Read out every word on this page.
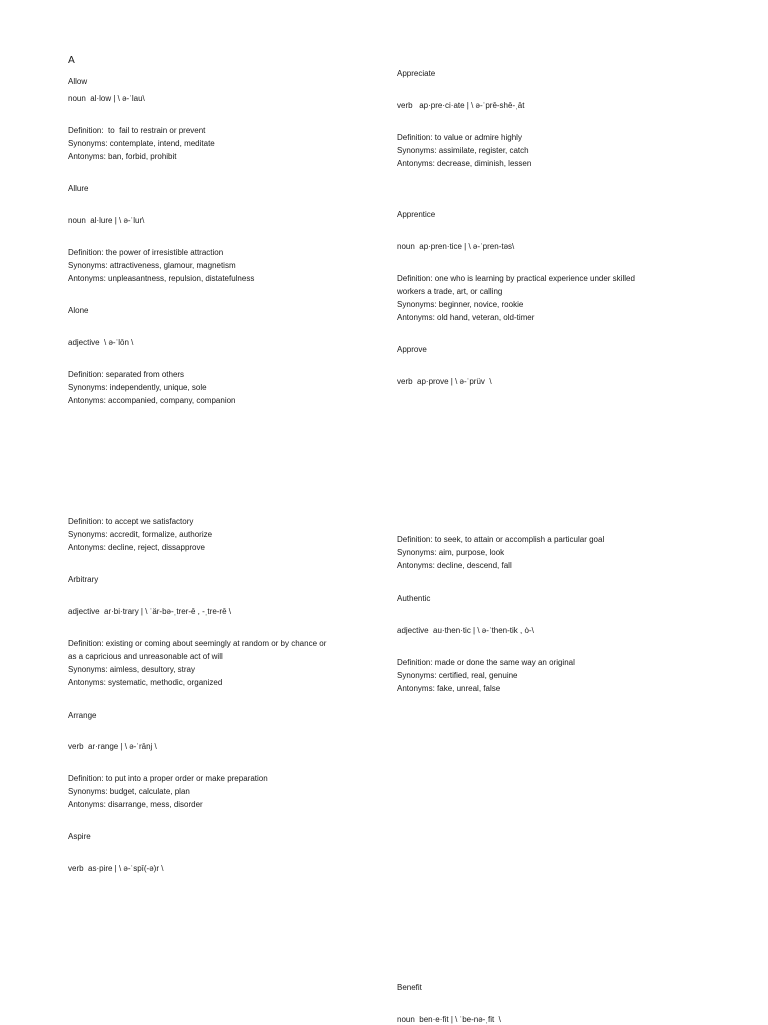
A
Allow
noun  al·low | \ ə-ˈlau\
Definition:  to  fail to restrain or prevent
Synonyms: contemplate, intend, meditate
Antonyms: ban, forbid, prohibit
Allure
noun  al·lure | \ ə-ˈlur\
Definition: the power of irresistible attraction
Synonyms: attractiveness, glamour, magnetism
Antonyms: unpleasantness, repulsion, distatefulness
Alone
adjective  \ ə-ˈlōn \
Definition: separated from others
Synonyms: independently, unique, sole
Antonyms: accompanied, company, companion
Definition: to accept we satisfactory
Synonyms: accredit, formalize, authorize
Antonyms: decline, reject, dissapprove
Arbitrary
adjective  ar·bi·trary | \ ˈär-bə-ˌtrer-ē , -ˌtre-rē \
Definition: existing or coming about seemingly at random or by chance or
as a capricious and unreasonable act of will
Synonyms: aimless, desultory, stray
Antonyms: systematic, methodic, organized
Arrange
verb  ar·range | \ ə-ˈrānj \
Definition: to put into a proper order or make preparation
Synonyms: budget, calculate, plan
Antonyms: disarrange, mess, disorder
Aspire
verb  as·pire | \ ə-ˈspī(-ə)r \
Appreciate
verb   ap·pre·ci·ate | \ ə-ˈprē-shē-ˌāt
Definition: to value or admire highly
Synonyms: assimilate, register, catch
Antonyms: decrease, diminish, lessen
Apprentice
noun  ap·pren·tice | \ ə-ˈpren-təs\
Definition: one who is learning by practical experience under skilled
workers a trade, art, or calling
Synonyms: beginner, novice, rookie
Antonyms: old hand, veteran, old-timer
Approve
verb  ap·prove | \ ə-ˈprüv  \
Definition: to seek, to attain or accomplish a particular goal
Synonyms: aim, purpose, look
Antonyms: decline, descend, fall
Authentic
adjective  au·then·tic | \ ə-ˈthen-tik , ȯ-\
Definition: made or done the same way an original
Synonyms: certified, real, genuine
Antonyms: fake, unreal, false
Benefit
noun  ben·e·fit | \ ˈbe-nə-ˌfit  \
